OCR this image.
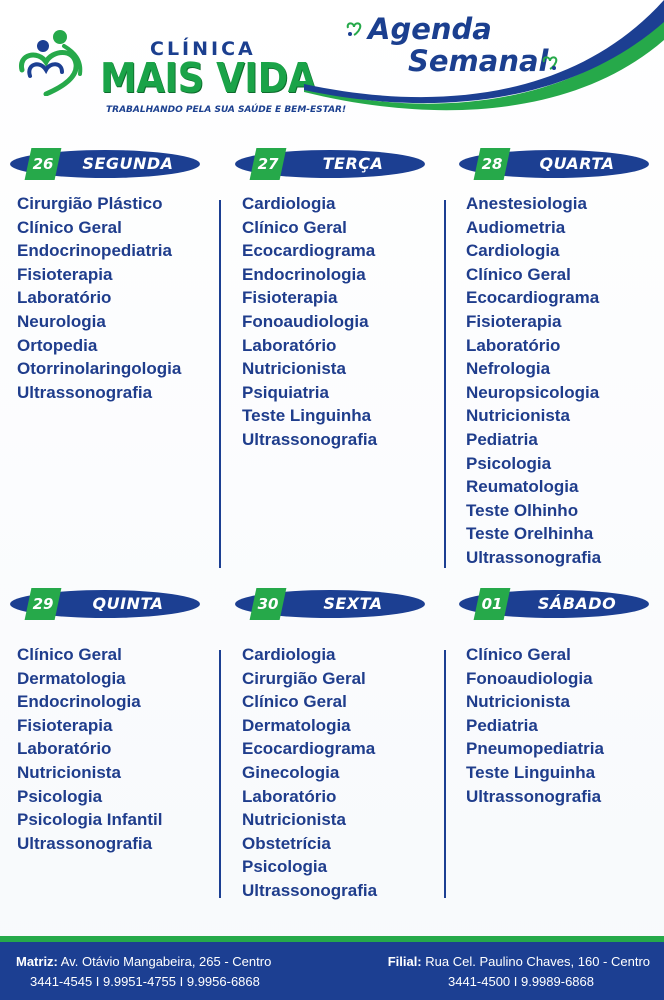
CLÍNICA
MAIS VIDA
TRABALHANDO PELA SUA SAÚDE E BEM-ESTAR!
Agenda
Semanal
26	SEGUNDA
Cirurgião Plástico
Clínico Geral
Endocrinopediatria
Fisioterapia
Laboratório
Neurologia
Ortopedia
Otorrinolaringologia
Ultrassonografia
27	TERÇA
Cardiologia
Clínico Geral
Ecocardiograma
Endocrinologia
Fisioterapia
Fonoaudiologia
Laboratório
Nutricionista
Psiquiatria
Teste Linguinha
Ultrassonografia
28	QUARTA
Anestesiologia
Audiometria
Cardiologia
Clínico Geral
Ecocardiograma
Fisioterapia
Laboratório
Nefrologia
Neuropsicologia
Nutricionista
Pediatria
Psicologia
Reumatologia
Teste Olhinho
Teste Orelhinha
Ultrassonografia
29	QUINTA
Clínico Geral
Dermatologia
Endocrinologia
Fisioterapia
Laboratório
Nutricionista
Psicologia
Psicologia Infantil
Ultrassonografia
30	SEXTA
Cardiologia
Cirurgião Geral
Clínico Geral
Dermatologia
Ecocardiograma
Ginecologia
Laboratório
Nutricionista
Obstetrícia
Psicologia
Ultrassonografia
01	SÁBADO
Clínico Geral
Fonoaudiologia
Nutricionista
Pediatria
Pneumopediatria
Teste Linguinha
Ultrassonografia
Matriz: Av. Otávio Mangabeira, 265 - Centro
3441-4545 I 9.9951-4755 I 9.9956-6868
Filial: Rua Cel. Paulino Chaves, 160 - Centro
3441-4500 I 9.9989-6868
